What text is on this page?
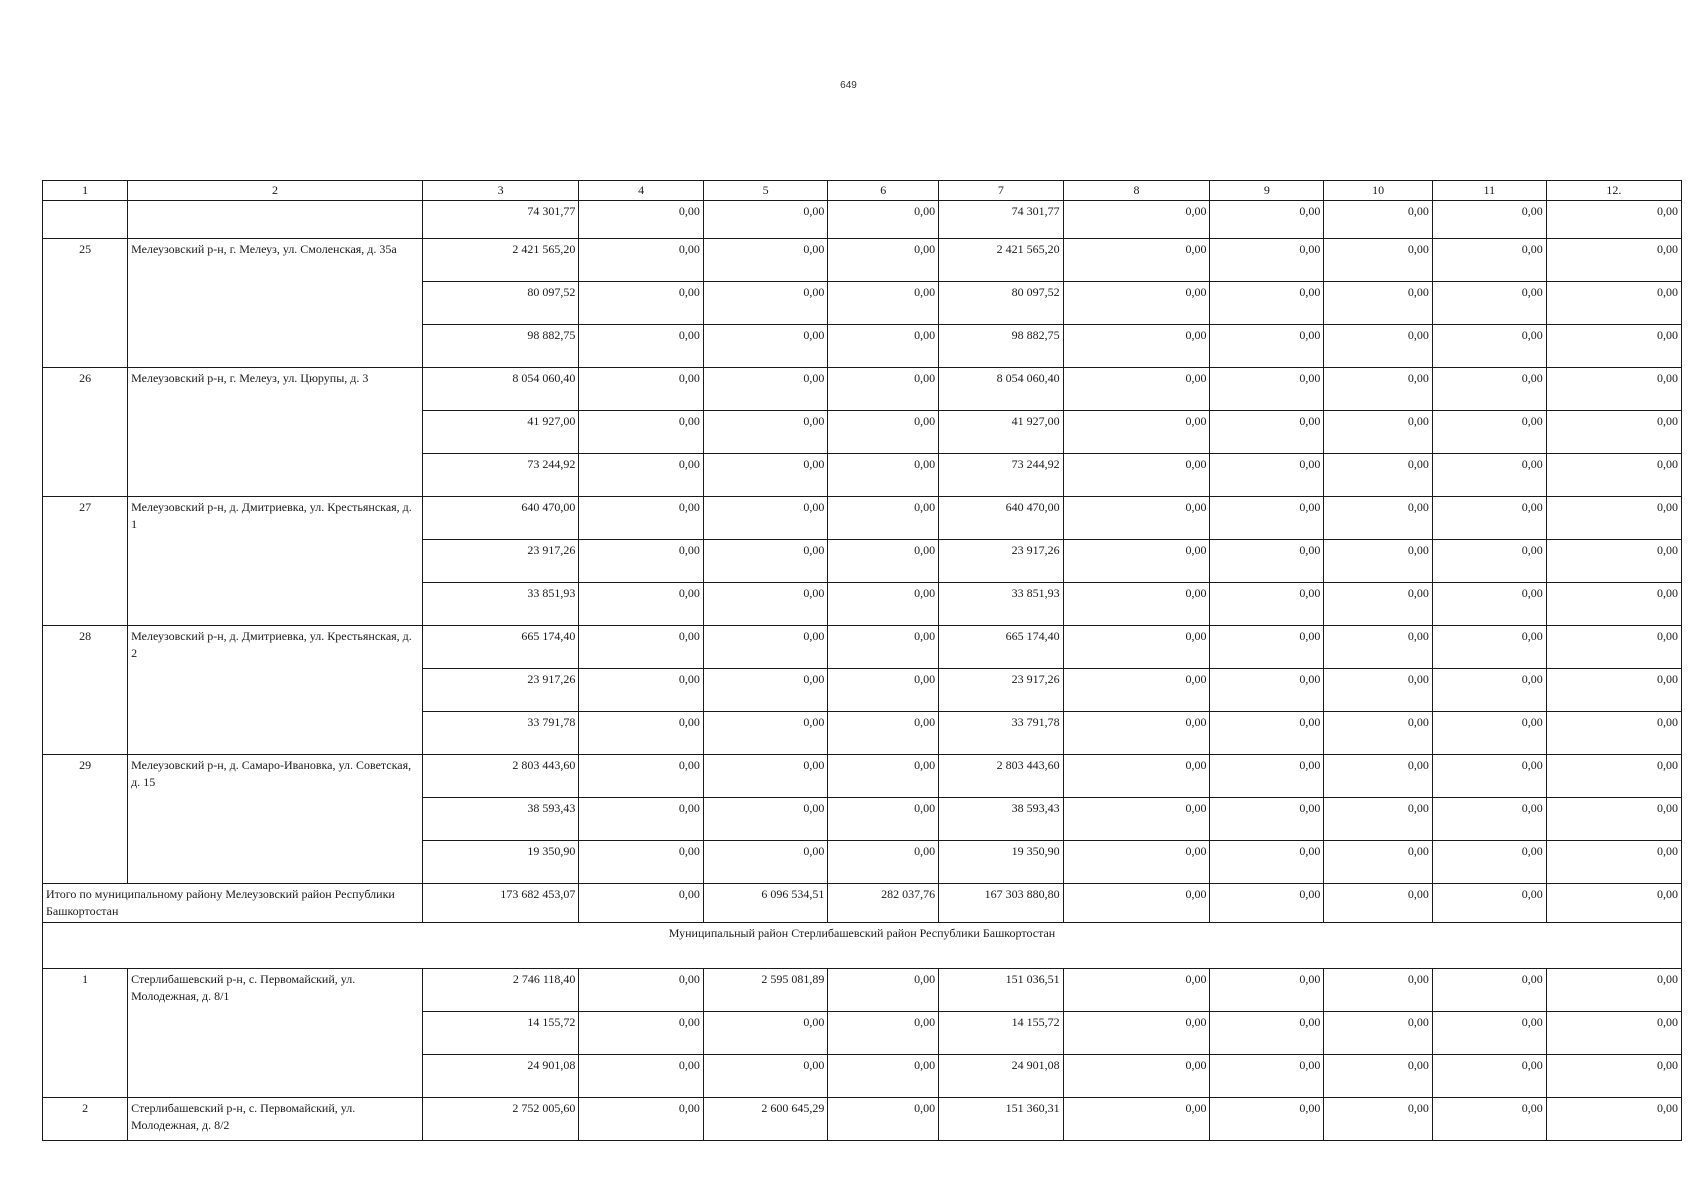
649
1	2	3	4	5	6	7	8	9	10	11	12.
		74 301,77	0,00	0,00	0,00	74 301,77	0,00	0,00	0,00	0,00	0,00
25	Мелеузовский р-н, г. Мелеуз, ул. Смоленская, д. 35а	2 421 565,20	0,00	0,00	0,00	2 421 565,20	0,00	0,00	0,00	0,00	0,00
		80 097,52	0,00	0,00	0,00	80 097,52	0,00	0,00	0,00	0,00	0,00
		98 882,75	0,00	0,00	0,00	98 882,75	0,00	0,00	0,00	0,00	0,00
26	Мелеузовский р-н, г. Мелеуз, ул. Цюрупы, д. 3	8 054 060,40	0,00	0,00	0,00	8 054 060,40	0,00	0,00	0,00	0,00	0,00
		41 927,00	0,00	0,00	0,00	41 927,00	0,00	0,00	0,00	0,00	0,00
		73 244,92	0,00	0,00	0,00	73 244,92	0,00	0,00	0,00	0,00	0,00
27	Мелеузовский р-н, д. Дмитриевка, ул. Крестьянская, д. 1	640 470,00	0,00	0,00	0,00	640 470,00	0,00	0,00	0,00	0,00	0,00
		23 917,26	0,00	0,00	0,00	23 917,26	0,00	0,00	0,00	0,00	0,00
		33 851,93	0,00	0,00	0,00	33 851,93	0,00	0,00	0,00	0,00	0,00
28	Мелеузовский р-н, д. Дмитриевка, ул. Крестьянская, д. 2	665 174,40	0,00	0,00	0,00	665 174,40	0,00	0,00	0,00	0,00	0,00
		23 917,26	0,00	0,00	0,00	23 917,26	0,00	0,00	0,00	0,00	0,00
		33 791,78	0,00	0,00	0,00	33 791,78	0,00	0,00	0,00	0,00	0,00
29	Мелеузовский р-н, д. Самаро-Ивановка, ул. Советская, д. 15	2 803 443,60	0,00	0,00	0,00	2 803 443,60	0,00	0,00	0,00	0,00	0,00
		38 593,43	0,00	0,00	0,00	38 593,43	0,00	0,00	0,00	0,00	0,00
		19 350,90	0,00	0,00	0,00	19 350,90	0,00	0,00	0,00	0,00	0,00
Итого по муниципальному району Мелеузовский район Республики Башкортостан		173 682 453,07	0,00	6 096 534,51	282 037,76	167 303 880,80	0,00	0,00	0,00	0,00	0,00
Муниципальный район Стерлибашевский район Республики Башкортостан											
1	Стерлибашевский р-н, с. Первомайский, ул. Молодежная, д. 8/1	2 746 118,40	0,00	2 595 081,89	0,00	151 036,51	0,00	0,00	0,00	0,00	0,00
		14 155,72	0,00	0,00	0,00	14 155,72	0,00	0,00	0,00	0,00	0,00
		24 901,08	0,00	0,00	0,00	24 901,08	0,00	0,00	0,00	0,00	0,00
2	Стерлибашевский р-н, с. Первомайский, ул. Молодежная, д. 8/2	2 752 005,60	0,00	2 600 645,29	0,00	151 360,31	0,00	0,00	0,00	0,00	0,00
